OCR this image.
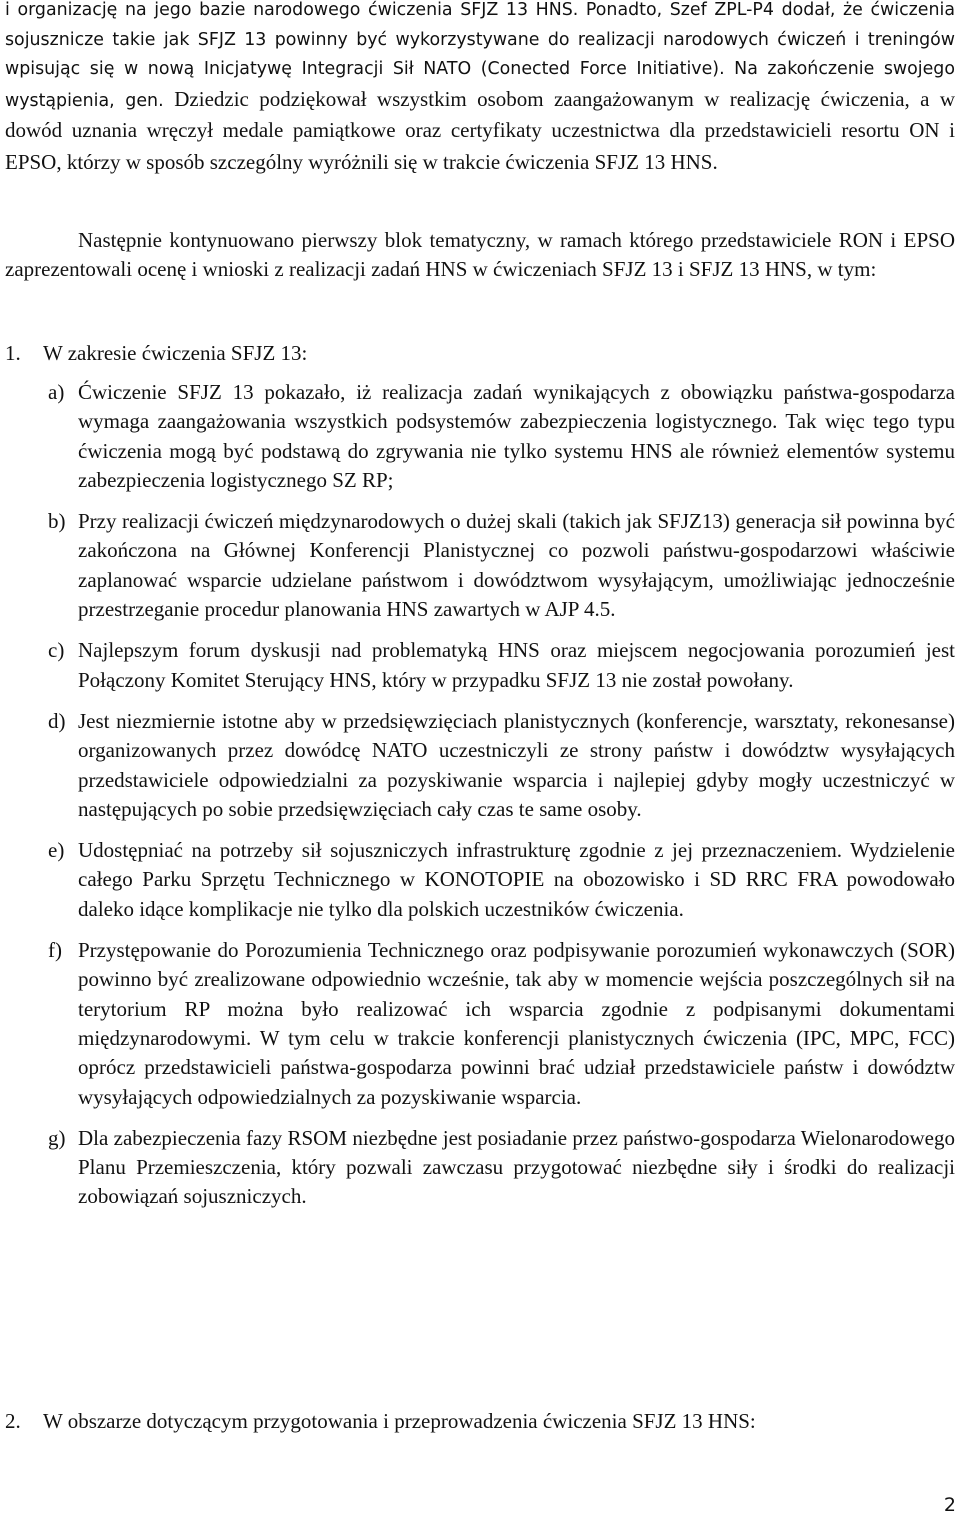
i organizację na jego bazie narodowego ćwiczenia SFJZ 13 HNS. Ponadto, Szef ZPL-P4 dodał, że ćwiczenia sojusznicze takie jak SFJZ 13 powinny być wykorzystywane do realizacji narodowych ćwiczeń i treningów wpisując się w nową Inicjatywę Integracji Sił NATO (Conected Force Initiative). Na zakończenie swojego wystąpienia, gen. Dziedzic podziękował wszystkim osobom zaangażowanym w realizację ćwiczenia, a w dowód uznania wręczył medale pamiątkowe oraz certyfikaty uczestnictwa dla przedstawicieli resortu ON i EPSO, którzy w sposób szczególny wyróżnili się w trakcie ćwiczenia SFJZ 13 HNS.

Następnie kontynuowano pierwszy blok tematyczny, w ramach którego przedstawiciele RON i EPSO zaprezentowali ocenę i wnioski z realizacji zadań HNS w ćwiczeniach SFJZ 13 i SFJZ 13 HNS, w tym:

1. W zakresie ćwiczenia SFJZ 13:
a) Ćwiczenie SFJZ 13 pokazało, iż realizacja zadań wynikających z obowiązku państwa-gospodarza wymaga zaangażowania wszystkich podsystemów zabezpieczenia logistycznego. Tak więc tego typu ćwiczenia mogą być podstawą do zgrywania nie tylko systemu HNS ale również elementów systemu zabezpieczenia logistycznego SZ RP;
b) Przy realizacji ćwiczeń międzynarodowych o dużej skali (takich jak SFJZ13) generacja sił powinna być zakończona na Głównej Konferencji Planistycznej co pozwoli państwu-gospodarzowi właściwie zaplanować wsparcie udzielane państwom i dowództwom wysyłającym, umożliwiając jednocześnie przestrzeganie procedur planowania HNS zawartych w AJP 4.5.
c) Najlepszym forum dyskusji nad problematyką HNS oraz miejscem negocjowania porozumień jest Połączony Komitet Sterujący HNS, który w przypadku SFJZ 13 nie został powołany.
d) Jest niezmiernie istotne aby w przedsięwzięciach planistycznych (konferencje, warsztaty, rekonesanse) organizowanych przez dowódcę NATO uczestniczyli ze strony państw i dowództw wysyłających przedstawiciele odpowiedzialni za pozyskiwanie wsparcia i najlepiej gdyby mogły uczestniczyć w następujących po sobie przedsięwzięciach cały czas te same osoby.
e) Udostępniać na potrzeby sił sojuszniczych infrastrukturę zgodnie z jej przeznaczeniem. Wydzielenie całego Parku Sprzętu Technicznego w KONOTOPIE na obozowisko i SD RRC FRA powodowało daleko idące komplikacje nie tylko dla polskich uczestników ćwiczenia.
f) Przystępowanie do Porozumienia Technicznego oraz podpisywanie porozumień wykonawczych (SOR) powinno być zrealizowane odpowiednio wcześnie, tak aby w momencie wejścia poszczególnych sił na terytorium RP można było realizować ich wsparcia zgodnie z podpisanymi dokumentami międzynarodowymi. W tym celu w trakcie konferencji planistycznych ćwiczenia (IPC, MPC, FCC) oprócz przedstawicieli państwa-gospodarza powinni brać udział przedstawiciele państw i dowództw wysyłających odpowiedzialnych za pozyskiwanie wsparcia.
g) Dla zabezpieczenia fazy RSOM niezbędne jest posiadanie przez państwo-gospodarza Wielonarodowego Planu Przemieszczenia, który pozwali zawczasu przygotować niezbędne siły i środki do realizacji zobowiązań sojuszniczych.
2. W obszarze dotyczącym przygotowania i przeprowadzenia ćwiczenia SFJZ 13 HNS:
2
